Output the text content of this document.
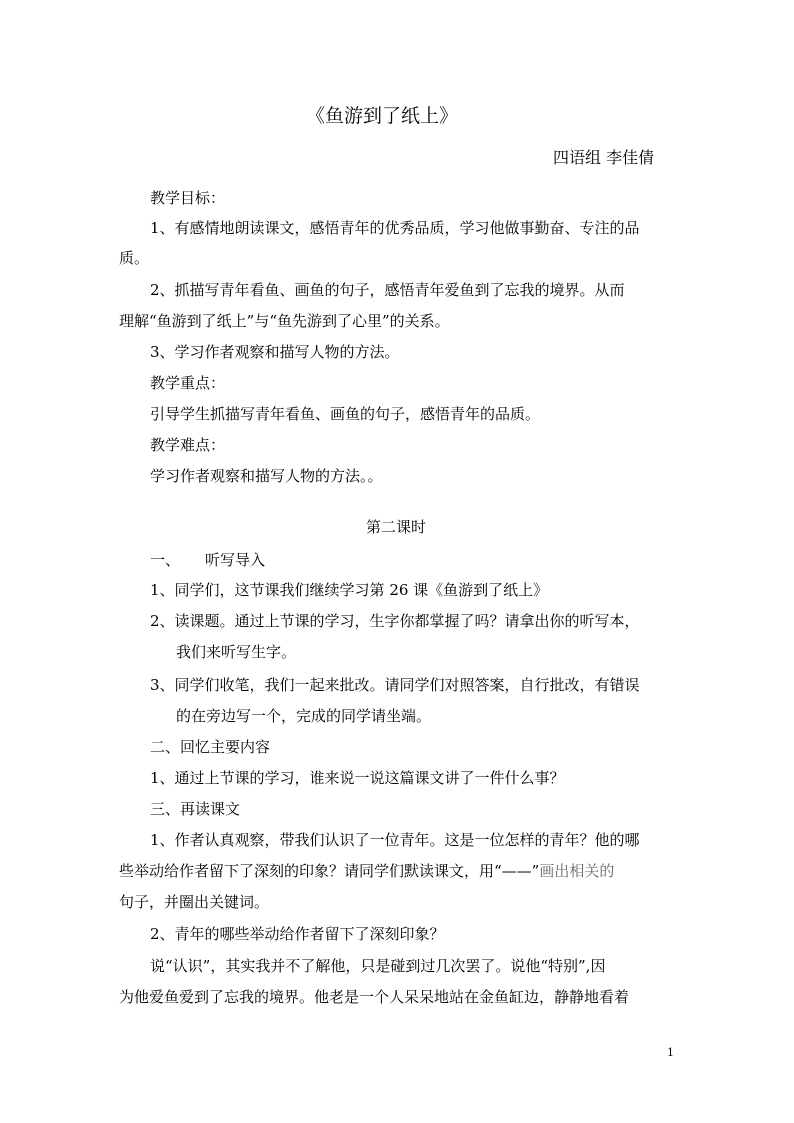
《鱼游到了纸上》
四语组 李佳倩
教学目标：
1、有感情地朗读课文，感悟青年的优秀品质，学习他做事勤奋、专注的品
质。
2、抓描写青年看鱼、画鱼的句子，感悟青年爱鱼到了忘我的境界。从而
理解“鱼游到了纸上”与“鱼先游到了心里”的关系。
3、学习作者观察和描写人物的方法。
教学重点：
引导学生抓描写青年看鱼、画鱼的句子，感悟青年的品质。
教学难点：
学习作者观察和描写人物的方法。。
第二课时
一、 听写导入
1、同学们，这节课我们继续学习第 26 课《鱼游到了纸上》
2、读课题。通过上节课的学习，生字你都掌握了吗？请拿出你的听写本，
我们来听写生字。
3、同学们收笔，我们一起来批改。请同学们对照答案，自行批改，有错误
的在旁边写一个，完成的同学请坐端。
二、回忆主要内容
1、通过上节课的学习，谁来说一说这篇课文讲了一件什么事？
三、再读课文
1、作者认真观察，带我们认识了一位青年。这是一位怎样的青年？他的哪
些举动给作者留下了深刻的印象？请同学们默读课文，用“——”画出相关的
句子，并圈出关键词。
2、青年的哪些举动给作者留下了深刻印象？
说“认识”，其实我并不了解他，只是碰到过几次罢了。说他“特别”,因
为他爱鱼爱到了忘我的境界。他老是一个人呆呆地站在金鱼缸边，静静地看着
1
